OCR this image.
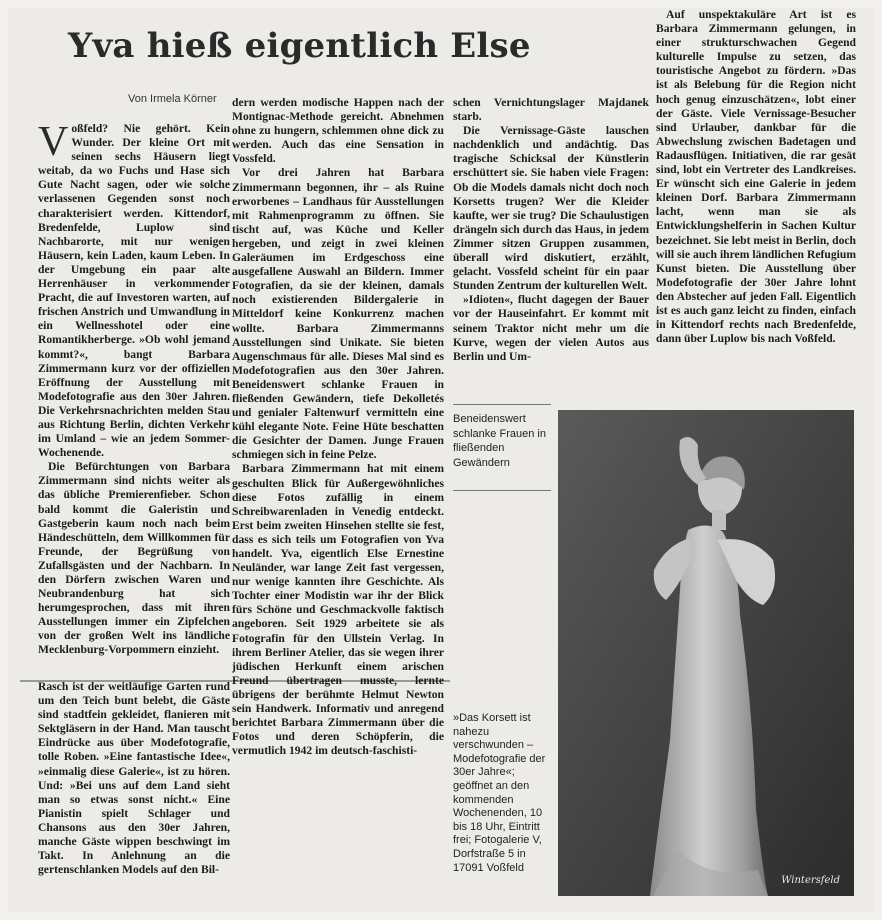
Yva hieß eigentlich Else

Von Irmela Körner

V oßfeld? Nie gehört. Kein Wunder. Der kleine Ort mit seinen sechs Häusern liegt weitab, da wo Fuchs und Hase sich Gute Nacht sagen, oder wie solche verlassenen Gegenden sonst noch charakterisiert werden. Kittendorf, Bredenfelde, Luplow sind Nachbarorte, mit nur wenigen Häusern, kein Laden, kaum Leben. In der Umgebung ein paar alte Herrenhäuser in verkommender Pracht, die auf Investoren warten, auf frischen Anstrich und Umwandlung in ein Wellnesshotel oder eine Romantikherberge. »Ob wohl jemand kommt?«, bangt Barbara Zimmermann kurz vor der offiziellen Eröffnung der Ausstellung mit Modefotografie aus den 30er Jahren. Die Verkehrsnachrichten melden Stau aus Richtung Berlin, dichten Verkehr im Umland – wie an jedem Sommer-Wochenende.

Die Befürchtungen von Barbara Zimmermann sind nichts weiter als das übliche Premierenfieber. Schon bald kommt die Galeristin und Gastgeberin kaum noch nach beim Händeschütteln, dem Willkommen für Freunde, der Begrüßung von Zufallsgästen und der Nachbarn. In den Dörfern zwischen Waren und Neubrandenburg hat sich herumgesprochen, dass mit ihren Ausstellungen immer ein Zipfelchen von der großen Welt ins ländliche Mecklenburg-Vorpommern einzieht.

Rasch ist der weitläufige Garten rund um den Teich bunt belebt, die Gäste sind stadtfein gekleidet, flanieren mit Sektgläsern in der Hand. Man tauscht Eindrücke aus über Modefotografie, tolle Roben. »Eine fantastische Idee«, »einmalig diese Galerie«, ist zu hören. Und: »Bei uns auf dem Land sieht man so etwas sonst nicht.« Eine Pianistin spielt Schlager und Chansons aus den 30er Jahren, manche Gäste wippen beschwingt im Takt. In Anlehnung an die gertenschlanken Models auf den Bil-

dern werden modische Happen nach der Montignac-Methode gereicht. Abnehmen ohne zu hungern, schlemmen ohne dick zu werden. Auch das eine Sensation in Vossfeld.

Vor drei Jahren hat Barbara Zimmermann begonnen, ihr – als Ruine erworbenes – Landhaus für Ausstellungen mit Rahmenprogramm zu öffnen. Sie tischt auf, was Küche und Keller hergeben, und zeigt in zwei kleinen Galeräumen im Erdgeschoss eine ausgefallene Auswahl an Bildern. Immer Fotografien, da sie der kleinen, damals noch existierenden Bildergalerie in Mitteldorf keine Konkurrenz machen wollte. Barbara Zimmermanns Ausstellungen sind Unikate. Sie bieten Augenschmaus für alle. Dieses Mal sind es Modefotografien aus den 30er Jahren. Beneidenswert schlanke Frauen in fließenden Gewändern, tiefe Dekolletés und genialer Faltenwurf vermitteln eine kühl elegante Note. Feine Hüte beschatten die Gesichter der Damen. Junge Frauen schmiegen sich in feine Pelze.

Barbara Zimmermann hat mit einem geschulten Blick für Außergewöhnliches diese Fotos zufällig in einem Schreibwarenladen in Venedig entdeckt. Erst beim zweiten Hinsehen stellte sie fest, dass es sich teils um Fotografien von Yva handelt. Yva, eigentlich Else Ernestine Neuländer, war lange Zeit fast vergessen, nur wenige kannten ihre Geschichte. Als Tochter einer Modistin war ihr der Blick fürs Schöne und Geschmackvolle faktisch angeboren. Seit 1929 arbeitete sie als Fotografin für den Ullstein Verlag. In ihrem Berliner Atelier, das sie wegen ihrer jüdischen Herkunft einem arischen Freund übertragen musste, lernte übrigens der berühmte Helmut Newton sein Handwerk. Informativ und anregend berichtet Barbara Zimmermann über die Fotos und deren Schöpferin, die vermutlich 1942 im deutsch-faschisti-

schen Vernichtungslager Majdanek starb.

Die Vernissage-Gäste lauschen nachdenklich und andächtig. Das tragische Schicksal der Künstlerin erschüttert sie. Sie haben viele Fragen: Ob die Models damals nicht doch noch Korsetts trugen? Wer die Kleider kaufte, wer sie trug? Die Schaulustigen drängeln sich durch das Haus, in jedem Zimmer sitzen Gruppen zusammen, überall wird diskutiert, erzählt, gelacht. Vossfeld scheint für ein paar Stunden Zentrum der kulturellen Welt.

»Idioten«, flucht dagegen der Bauer vor der Hauseinfahrt. Er kommt mit seinem Traktor nicht mehr um die Kurve, wegen der vielen Autos aus Berlin und Um-

Auf unspektakuläre Art ist es Barbara Zimmermann gelungen, in einer strukturschwachen Gegend kulturelle Impulse zu setzen, das touristische Angebot zu fördern. »Das ist als Belebung für die Region nicht hoch genug einzuschätzen«, lobt einer der Gäste. Viele Vernissage-Besucher sind Urlauber, dankbar für die Abwechslung zwischen Badetagen und Radausflügen. Initiativen, die rar gesät sind, lobt ein Vertreter des Landkreises. Er wünscht sich eine Galerie in jedem kleinen Dorf. Barbara Zimmermann lacht, wenn man sie als Entwicklungshelferin in Sachen Kultur bezeichnet. Sie lebt meist in Berlin, doch will sie auch ihrem ländlichen Refugium Kunst bieten. Die Ausstellung über Modefotografie der 30er Jahre lohnt den Abstecher auf jeden Fall. Eigentlich ist es auch ganz leicht zu finden, einfach in Kittendorf rechts nach Bredenfelde, dann über Luplow bis nach Voßfeld.

Beneidenswert schlanke Frauen in fließenden Gewändern
»Das Korsett ist nahezu verschwunden – Modefotografie der 30er Jahre«; geöffnet an den kommenden Wochenenden, 10 bis 18 Uhr, Eintritt frei; Fotogalerie V, Dorfstraße 5 in 17091 Voßfeld
Wintersfeld
